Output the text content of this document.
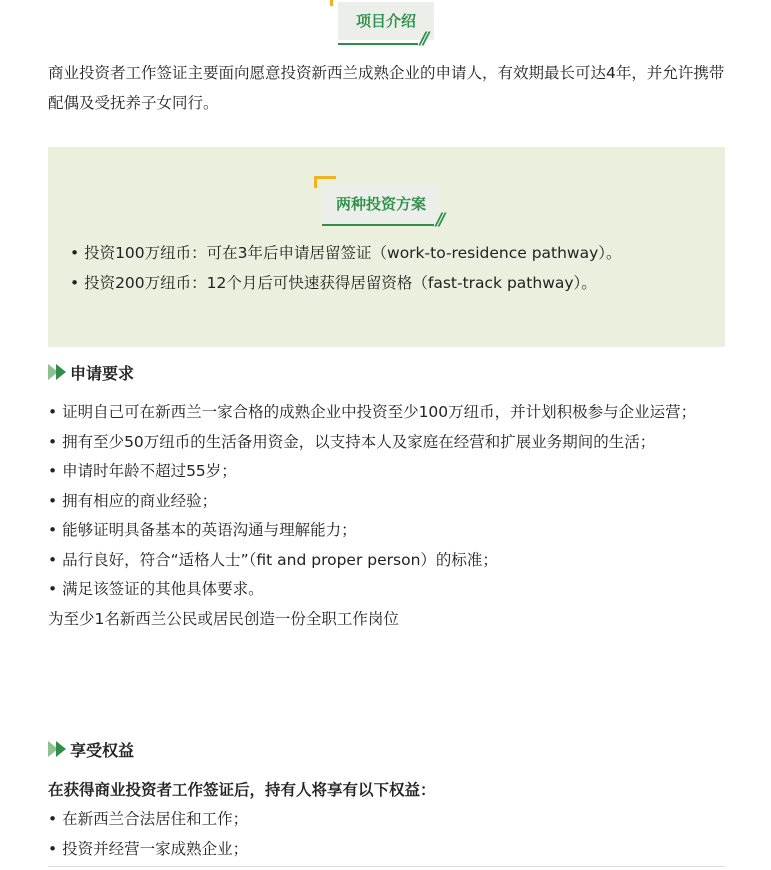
项目介绍
//

商业投资者工作签证主要面向愿意投资新西兰成熟企业的申请人，有效期最长可达4年，并允许携带配偶及受抚养子女同行。

两种投资方案
//
• 投资100万纽币：可在3年后申请居留签证（work-to-residence pathway）。
• 投资200万纽币：12个月后可快速获得居留资格（fast-track pathway）。
申请要求
• 证明自己可在新西兰一家合格的成熟企业中投资至少100万纽币，并计划积极参与企业运营；
• 拥有至少50万纽币的生活备用资金，以支持本人及家庭在经营和扩展业务期间的生活；
• 申请时年龄不超过55岁；
• 拥有相应的商业经验；
• 能够证明具备基本的英语沟通与理解能力；
• 品行良好，符合“适格人士”（fit and proper person）的标准；
• 满足该签证的其他具体要求。
为至少1名新西兰公民或居民创造一份全职工作岗位
享受权益
在获得商业投资者工作签证后，持有人将享有以下权益：
• 在新西兰合法居住和工作；
• 投资并经营一家成熟企业；
